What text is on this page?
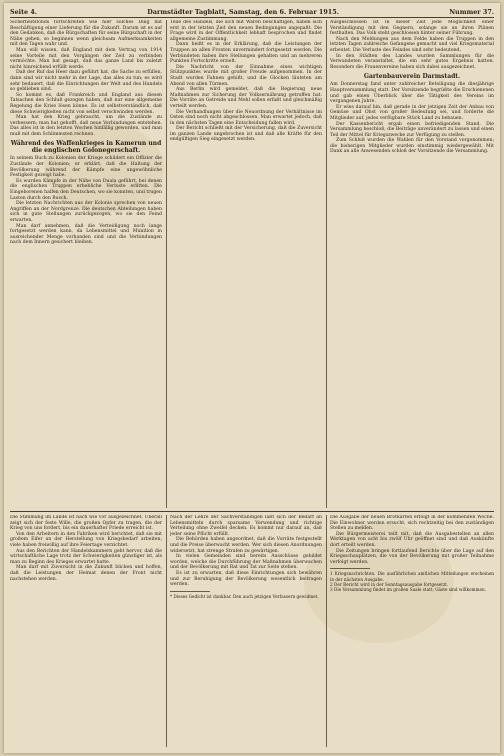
Seite 4.	Darmstädter Tagblatt, Samstag, den 6. Februar 1915.	Nummer 37.

Sicherheitsfonds fortschreiten wie hier solches Ding mit Beschäftigung einer Lieferung für die Zukunft. Darum ist es auf den Gedanken, daß die Bürgschaften für seine Bürgschaft in der Nähe gehen, so beginnen wenn gleichsam Aufmerksamkeiten mit den Tagen wahr und.

Man will wissen, daß England mit dem Vertrag von 1914 seine Vorteile mit den Vorgängen der Zeit zu verbinden vermöchte. Man hat gesagt, daß das ganze Land bis zuletzt nicht hinreichend erfüllt werde.

Daß der Ruf das Heer dazu geführt hat, die Sache zu erfüllen, dann sind wir nicht mehr in der Lage, das alles zu tun; es wird sehr bedauert, daß die Einrichtungen der Welt und des Handels so geblieben sind.

So kommt es, daß Frankreich und England aus diesen Tatsachen den Schluß gezogen haben, daß nur eine allgemeine Regelung die Krise lösen könne. Es ist selbstverständlich, daß diese Schwierigkeiten nicht von selbst verschwinden werden.

Man hat den Krieg gebraucht, um die Zustände zu verbessern; man hat gehofft, daß neue Verbindungen entstehen. Das alles ist in den letzten Wochen hinfällig geworden, und man muß mit dem Schlimmsten rechnen.

Während des Waffenkrieges in Kamerun und die englischen Golonegerschaft.

In seinem Buch zu Kolonien der Kriege schildert ein Offizier die Zustände der Kolonien; er erklärt, daß die Haltung der Bevölkerung während der Kämpfe eine ungewöhnliche Festigkeit gezeigt habe.

Es wurden Kämpfe in der Nähe von Duala geführt, bei denen die englischen Truppen erhebliche Verluste erlitten. Die Eingeborenen halfen den Deutschen, wo sie konnten, und trugen Lasten durch den Busch.

Die letzten Nachrichten aus der Kolonie sprechen von neuen Angriffen an der Nordgrenze. Die deutschen Abteilungen haben sich in gute Stellungen zurückgezogen, wo sie den Feind erwarten.

Man darf annehmen, daß die Verteidigung noch lange fortgesetzt werden kann, da Lebensmittel und Munition in ausreichender Menge vorhanden sind und die Verbindungen nach dem Innern gesichert bleiben.

Teile des Handels, die sich mit Waren beschäftigen, haben sich erst in der letzten Zeit den neuen Bedingungen angepaßt. Die Frage wird in der Öffentlichkeit lebhaft besprochen und findet allgemeine Zustimmung.

Dann heißt es in der Erklärung, daß die Leistungen der Truppen an allen Fronten unvermindert fortgesetzt werden. Die Verbündeten haben ihre Stellungen gehalten und an mehreren Punkten Fortschritte erzielt.

Die Nachricht von der Einnahme eines wichtigen Stützpunktes wurde mit großer Freude aufgenommen. In der Stadt wurden Fahnen gehißt, und die Glocken läuteten am Abend von allen Türmen.

Aus Berlin wird gemeldet, daß die Regierung neue Maßnahmen zur Sicherung der Volksernährung getroffen hat. Die Vorräte an Getreide und Mehl sollen erfaßt und gleichmäßig verteilt werden.

Die Verhandlungen über die Neuordnung der Verhältnisse im Osten sind noch nicht abgeschlossen. Man erwartet jedoch, daß in den nächsten Tagen eine Entscheidung fallen wird.

Der Bericht schließt mit der Versicherung, daß die Zuversicht im ganzen Lande ungebrochen ist und daß alle Kräfte für den endgültigen Sieg eingesetzt werden.

Ausgeschlossen ist in dieser Zeit jede Möglichkeit einer Verständigung mit den Gegnern, solange sie an ihren Plänen festhalten. Das Volk steht geschlossen hinter seiner Führung.

Nach den Meldungen aus dem Felde haben die Truppen in den letzten Tagen zahlreiche Gefangene gemacht und viel Kriegsmaterial erbeutet. Die Verluste des Feindes sind sehr bedeutend.

In den Städten des Landes wurden Sammlungen für die Verwundeten veranstaltet, die ein sehr gutes Ergebnis hatten. Besonders die Frauenvereine haben sich dabei ausgezeichnet.

Gartenbauverein Darmstadt.

Am Donnerstag fand unter zahlreicher Beteiligung die diesjährige Hauptversammlung statt. Der Vorsitzende begrüßte die Erschienenen und gab einen Überblick über die Tätigkeit des Vereins im vergangenen Jahre.

Er wies darauf hin, daß gerade in der jetzigen Zeit der Anbau von Gemüse und Obst von großer Bedeutung sei, und forderte die Mitglieder auf, jedes verfügbare Stück Land zu bebauen.

Der Kassenbericht ergab einen befriedigenden Stand. Die Versammlung beschloß, die Beiträge unverändert zu lassen und einen Teil der Mittel für Kriegszwecke zur Verfügung zu stellen.

Zum Schluß wurden die Wahlen für den Vorstand vorgenommen; die bisherigen Mitglieder wurden einstimmig wiedergewählt. Mit Dank an alle Anwesenden schloß der Vorsitzende die Versammlung.

Die Stimmung im Lande ist nach wie vor ausgezeichnet. Überall zeigt sich der feste Wille, die großen Opfer zu tragen, die der Krieg von uns fordert, bis ein dauerhafter Friede erreicht ist.

Von den Arbeitern in den Fabriken wird berichtet, daß sie mit großem Eifer an der Herstellung von Kriegsbedarf arbeiten; viele haben freiwillig auf ihre Feiertage verzichtet.

Aus den Berichten der Handelskammern geht hervor, daß die wirtschaftliche Lage trotz der Schwierigkeiten günstiger ist, als man zu Beginn des Krieges erwartet hatte.

Man darf mit Zuversicht in die Zukunft blicken und hoffen, daß die Leistungen der Heimat denen der Front nicht nachstehen werden.

Nach der Lehre der Sachverständigen läßt sich der Bedarf an Lebensmitteln durch sparsame Verwendung und richtige Verteilung ohne Zweifel decken. Es kommt nur darauf an, daß jeder seine Pflicht erfüllt.

Die Behörden haben angeordnet, daß die Vorräte festgestellt und die Preise überwacht werden. Wer sich diesen Anordnungen widersetzt, hat strenge Strafen zu gewärtigen.

In vielen Gemeinden sind bereits Ausschüsse gebildet worden, welche die Durchführung der Maßnahmen überwachen und der Bevölkerung mit Rat und Tat zur Seite stehen.

Es ist zu erwarten, daß diese Einrichtungen sich bewähren und zur Beruhigung der Bevölkerung wesentlich beitragen werden.

* Dieses Gedicht ist dankbar. Den auch jetzigen Verfassern gewidmet.

Die Ausgabe der neuen Brotkarten erfolgt in der kommenden Woche. Die Einwohner werden ersucht, sich rechtzeitig bei den zuständigen Stellen zu melden.

Die Bürgermeisterei teilt mit, daß die Ausgabestellen an allen Werktagen von acht bis zwölf Uhr geöffnet sind und daß Auskünfte dort erteilt werden.

Die Zeitungen bringen fortlaufend Berichte über die Lage auf den Kriegsschauplätzen, die von der Bevölkerung mit großer Teilnahme verfolgt werden.

1 Kriegsnachrichten. Die ausführlichen amtlichen Mitteilungen erscheinen in der nächsten Ausgabe.

2 Der Bericht wird in der Sonntagsausgabe fortgesetzt.

3 Die Versammlung findet im großen Saale statt; Gäste sind willkommen.
